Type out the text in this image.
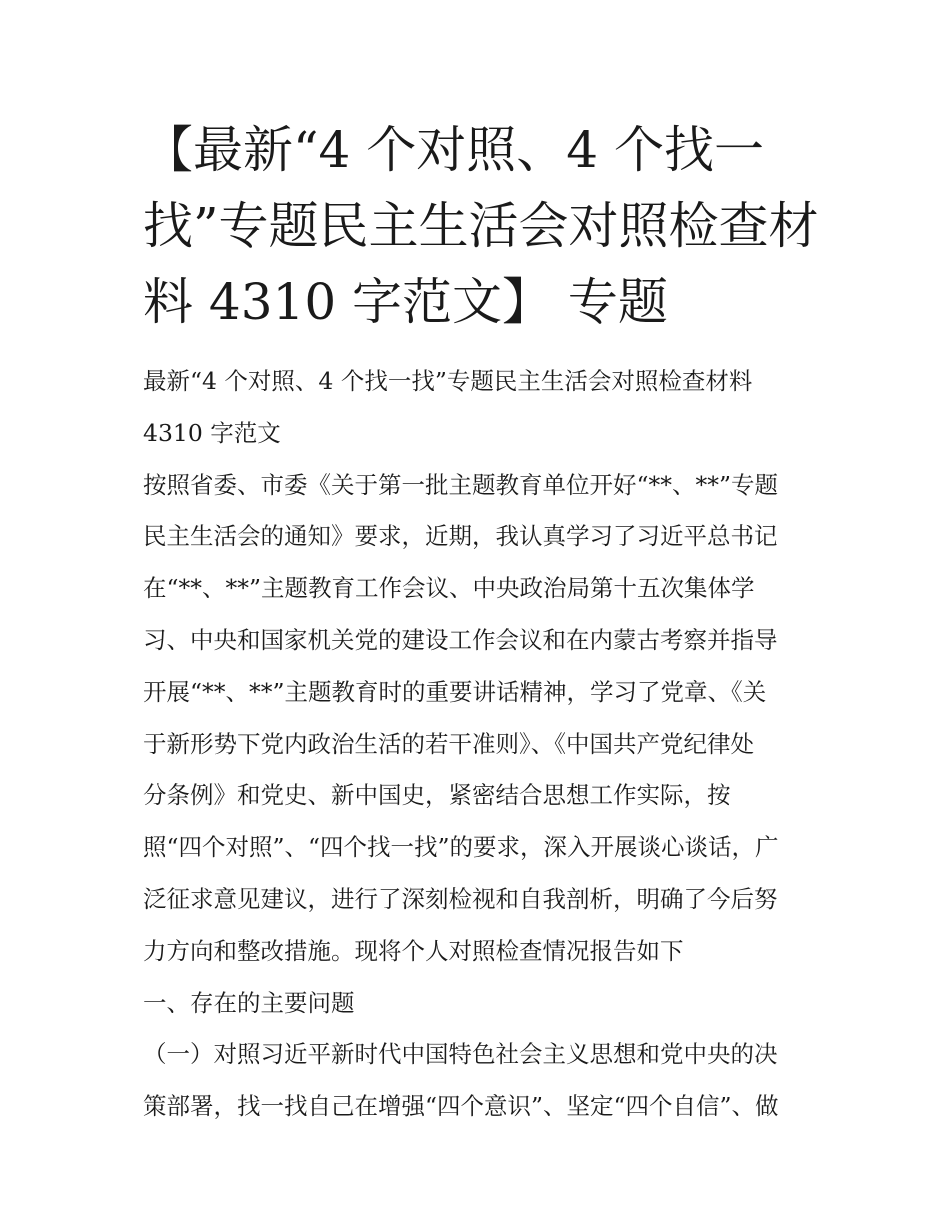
【最新“4 个对照、4 个找一
找”专题民主生活会对照检查材
料 4310 字范文】 专题
最新“4 个对照、4 个找一找”专题民主生活会对照检查材料
4310 字范文
按照省委、市委《关于第一批主题教育单位开好“**、**”专题
民主生活会的通知》要求，近期，我认真学习了习近平总书记
在“**、**”主题教育工作会议、中央政治局第十五次集体学
习、中央和国家机关党的建设工作会议和在内蒙古考察并指导
开展“**、**”主题教育时的重要讲话精神，学习了党章、《关
于新形势下党内政治生活的若干准则》、《中国共产党纪律处
分条例》和党史、新中国史，紧密结合思想工作实际，按
照“四个对照”、“四个找一找”的要求，深入开展谈心谈话，广
泛征求意见建议，进行了深刻检视和自我剖析，明确了今后努
力方向和整改措施。现将个人对照检查情况报告如下
一、存在的主要问题
（一）对照习近平新时代中国特色社会主义思想和党中央的决
策部署，找一找自己在增强“四个意识”、坚定“四个自信”、做
